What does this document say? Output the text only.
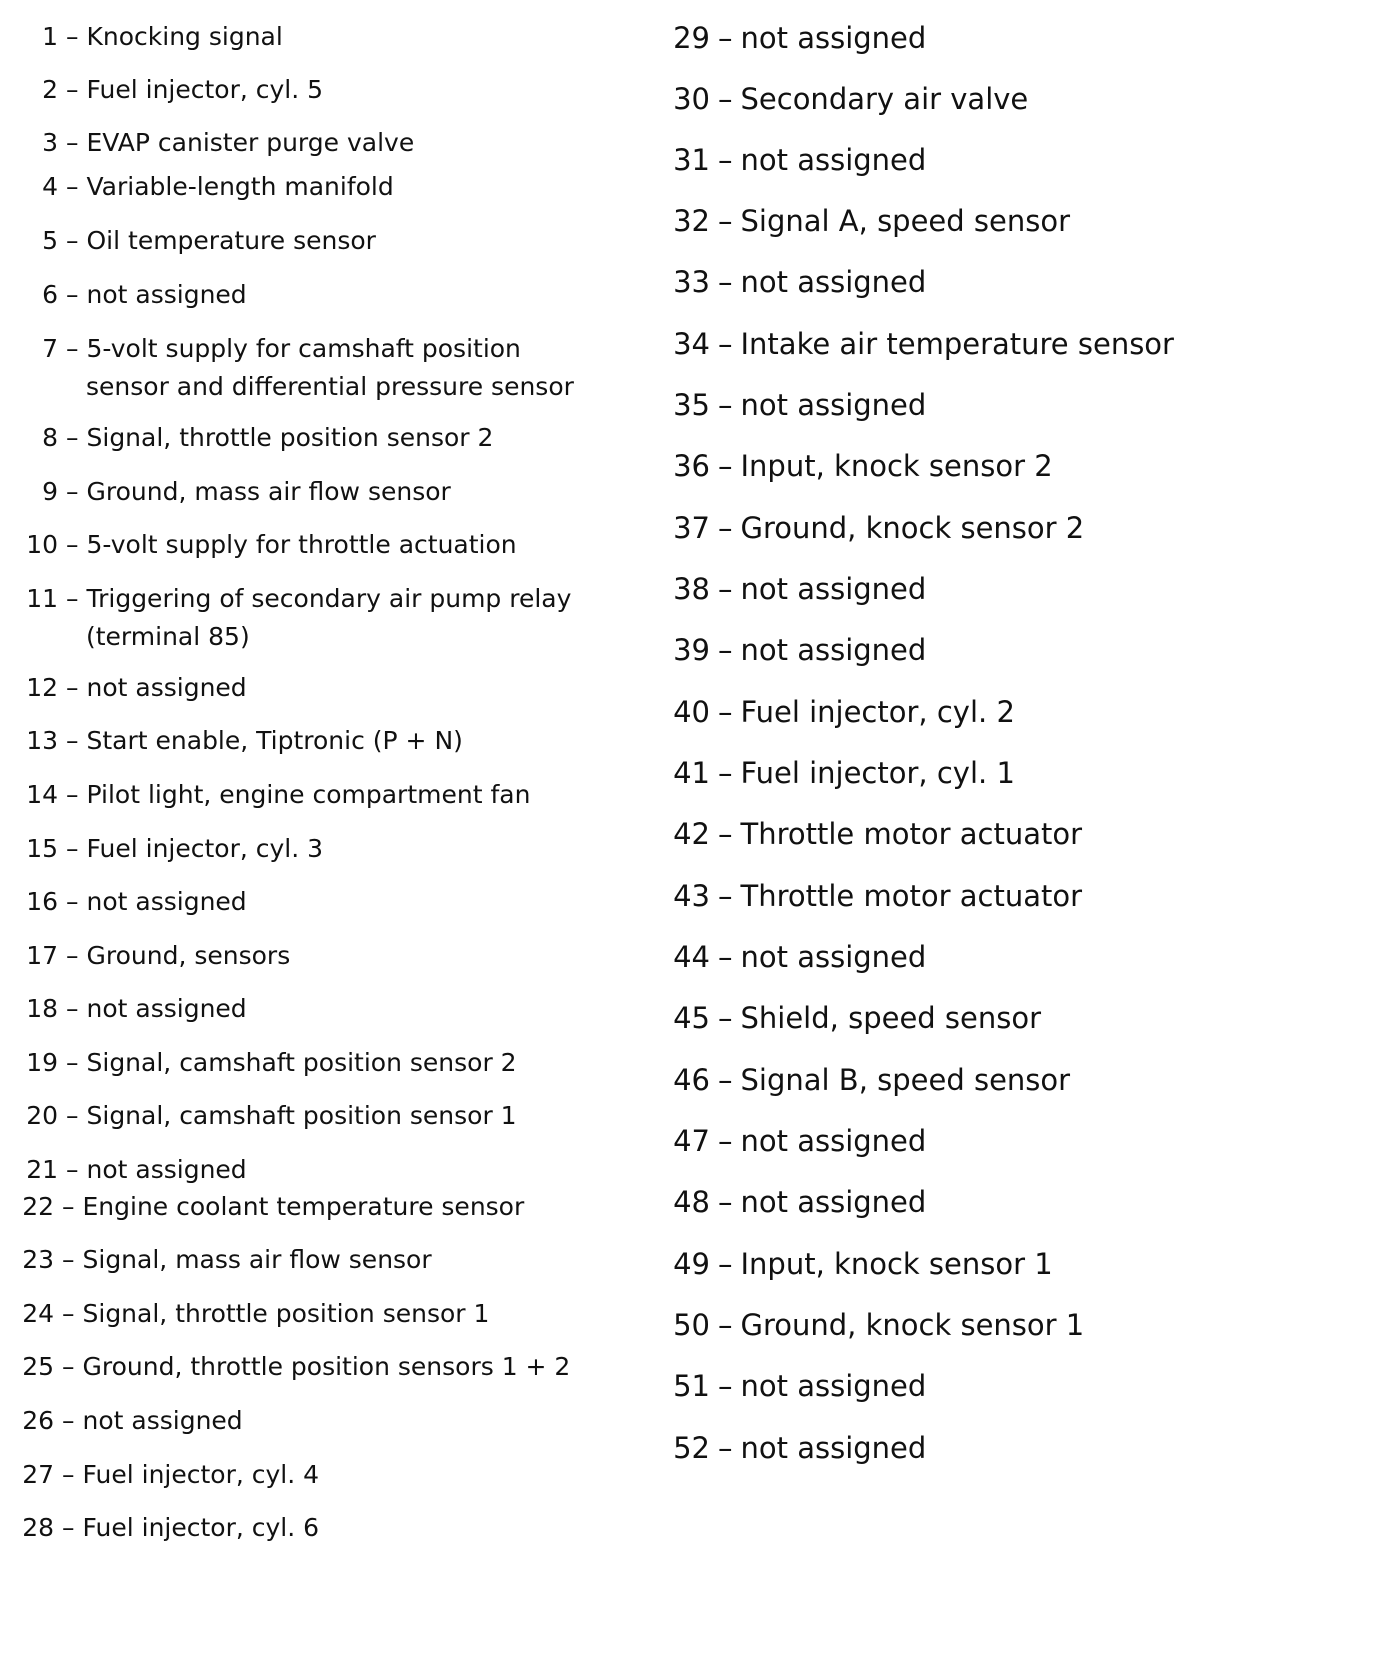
1 – Knocking signal
2 – Fuel injector, cyl. 5
3 – EVAP canister purge valve
4 – Variable-length manifold
5 – Oil temperature sensor
6 – not assigned
7 – 5-volt supply for camshaft position
sensor and differential pressure sensor
8 – Signal, throttle position sensor 2
9 – Ground, mass air flow sensor
10 – 5-volt supply for throttle actuation
11 – Triggering of secondary air pump relay
(terminal 85)
12 – not assigned
13 – Start enable, Tiptronic (P + N)
14 – Pilot light, engine compartment fan
15 – Fuel injector, cyl. 3
16 – not assigned
17 – Ground, sensors
18 – not assigned
19 – Signal, camshaft position sensor 2
20 – Signal, camshaft position sensor 1
21 – not assigned
22 – Engine coolant temperature sensor
23 – Signal, mass air flow sensor
24 – Signal, throttle position sensor 1
25 – Ground, throttle position sensors 1 + 2
26 – not assigned
27 – Fuel injector, cyl. 4
28 – Fuel injector, cyl. 6
29 – not assigned
30 – Secondary air valve
31 – not assigned
32 – Signal A, speed sensor
33 – not assigned
34 – Intake air temperature sensor
35 – not assigned
36 – Input, knock sensor 2
37 – Ground, knock sensor 2
38 – not assigned
39 – not assigned
40 – Fuel injector, cyl. 2
41 – Fuel injector, cyl. 1
42 – Throttle motor actuator
43 – Throttle motor actuator
44 – not assigned
45 – Shield, speed sensor
46 – Signal B, speed sensor
47 – not assigned
48 – not assigned
49 – Input, knock sensor 1
50 – Ground, knock sensor 1
51 – not assigned
52 – not assigned
